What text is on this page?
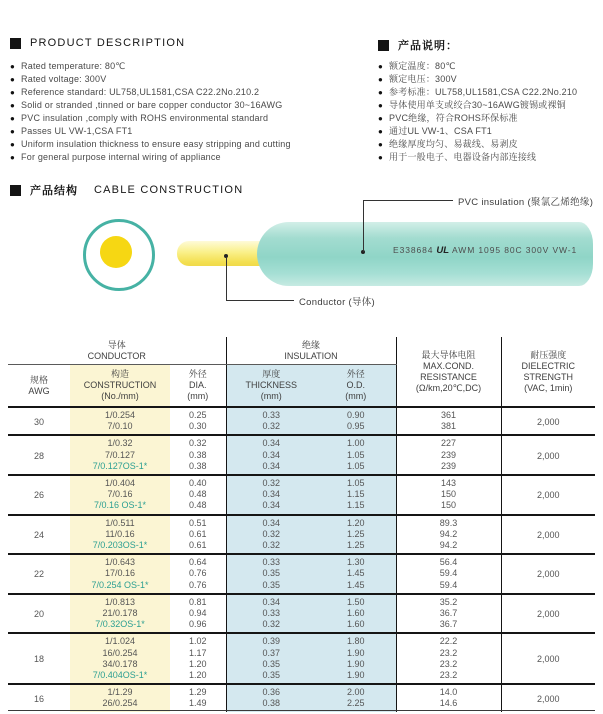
PRODUCT DESCRIPTION	产品说明：
● Rated temperature: 80℃
● Rated voltage: 300V
● Reference standard: UL758,UL1581,CSA C22.2No.210.2
● Solid or stranded ,tinned or bare copper conductor 30~16AWG
● PVC insulation ,comply with ROHS environmental standard
● Passes UL VW-1,CSA FT1
● Uniform insulation thickness to ensure easy stripping and cutting
● For general purpose internal wiring of appliance
● 额定温度：80℃
● 额定电压：300V
● 参考标准：UL758,UL1581,CSA C22.2No.210
● 导体使用单支或绞合30~16AWG镀锡或裸铜
● PVC绝缘，符合ROHS环保标准
● 通过UL VW-1、CSA FT1
● 绝缘厚度均匀、易裁线、易剥皮
● 用于一般电子、电器设备内部连接线
产品结构 CABLE CONSTRUCTION
E338684 UL AWM 1095 80C 300V VW-1
PVC insulation (聚氯乙烯绝缘)
Conductor (导体)
导体
CONDUCTOR			绝缘
INSULATION		最大导体电阻
MAX.COND.
RESISTANCE
(Ω/km,20℃,DC)	耐压强度
DIELECTRIC
STRENGTH
(VAC, 1min)

规格
AWG	构造
CONSTRUCTION
(No./mm)	外径
DIA.
(mm)	厚度
THICKNESS
(mm)	外径
O.D.
(mm)		

30	1/0.254	0.25	0.33	0.90	361	2,000
	7/0.10	0.30	0.32	0.95	381	
28	1/0.32	0.32	0.34	1.00	227	2,000
	7/0.127	0.38	0.34	1.05	239	
	7/0.127OS-1*	0.38	0.34	1.05	239	
26	1/0.404	0.40	0.32	1.05	143	2,000
	7/0.16	0.48	0.34	1.15	150	
	7/0.16 OS-1*	0.48	0.34	1.15	150	
24	1/0.511	0.51	0.34	1.20	89.3	2,000
	11/0.16	0.61	0.32	1.25	94.2	
	7/0.203OS-1*	0.61	0.32	1.25	94.2	
22	1/0.643	0.64	0.33	1.30	56.4	2,000
	17/0.16	0.76	0.35	1.45	59.4	
	7/0.254 OS-1*	0.76	0.35	1.45	59.4	
20	1/0.813	0.81	0.34	1.50	35.2	2,000
	21/0.178	0.94	0.33	1.60	36.7	
	7/0.32OS-1*	0.96	0.32	1.60	36.7	
18	1/1.024	1.02	0.39	1.80	22.2	2,000
	16/0.254	1.17	0.37	1.90	23.2	
	34/0.178	1.20	0.35	1.90	23.2	
	7/0.404OS-1*	1.20	0.35	1.90	23.2	
16	1/1.29	1.29	0.36	2.00	14.0	2,000
	26/0.254	1.49	0.38	2.25	14.6	
